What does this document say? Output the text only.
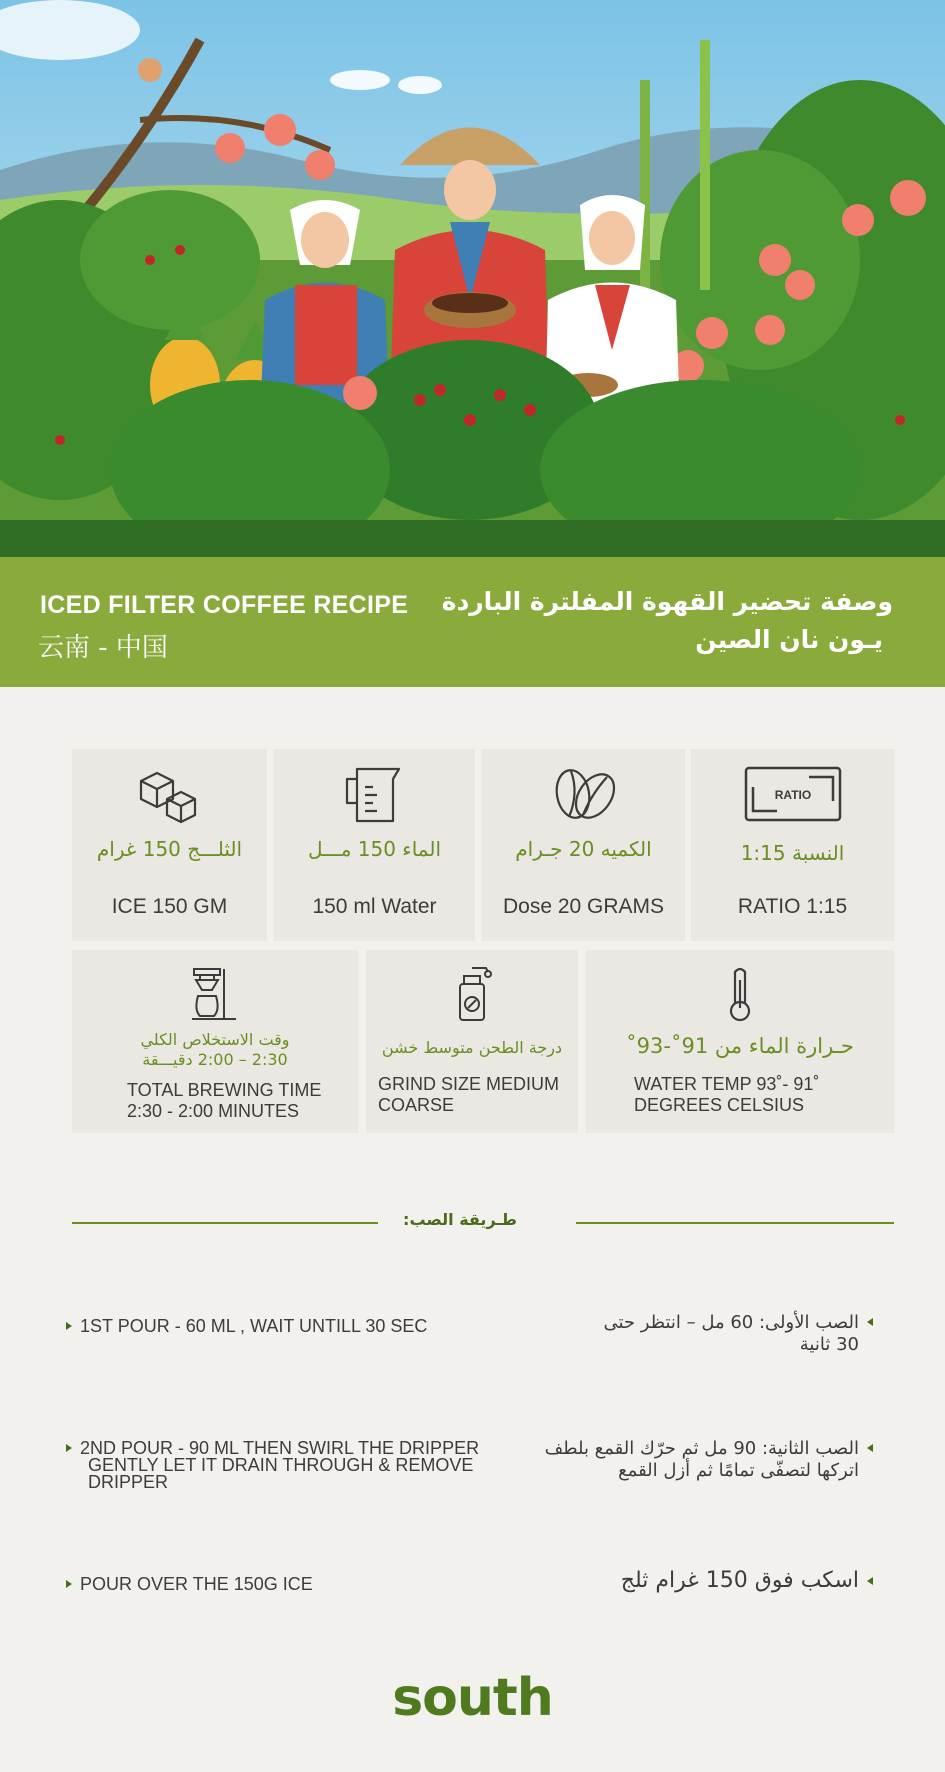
ICED FILTER COFFEE RECIPE
云南 - 中国
وصفة تحضير القهوة المفلترة الباردة
يـون نان الصين
الثلـــج 150 غرام
ICE 150 GM
الماء 150 مـــل
150 ml Water
الكميه 20 جـرام
Dose 20 GRAMS
RATIO
النسبة 1:15
RATIO 1:15
وقت الاستخلاص الكلي
2:30 – 2:00 دقيـــقة
TOTAL BREWING TIME
2:30 - 2:00 MINUTES
درجة الطحن متوسط خشن
GRIND SIZE MEDIUM
COARSE
حـرارة الماء من 91˚-93˚
WATER TEMP 93˚- 91˚
DEGREES CELSIUS
طـريقة الصب:
1ST POUR - 60 ML , WAIT UNTILL 30 SEC	الصب الأولى: 60 مل – انتظر حتى
30 ثانية
2ND POUR - 90 ML THEN SWIRL THE DRIPPER
GENTLY LET IT DRAIN THROUGH & REMOVE
DRIPPER
الصب الثانية: 90 مل ثم حرّك القمع بلطف
اتركها لتصفّى تمامًا ثم أزل القمع
POUR OVER THE 150G ICE	اسكب فوق 150 غرام ثلج
south
